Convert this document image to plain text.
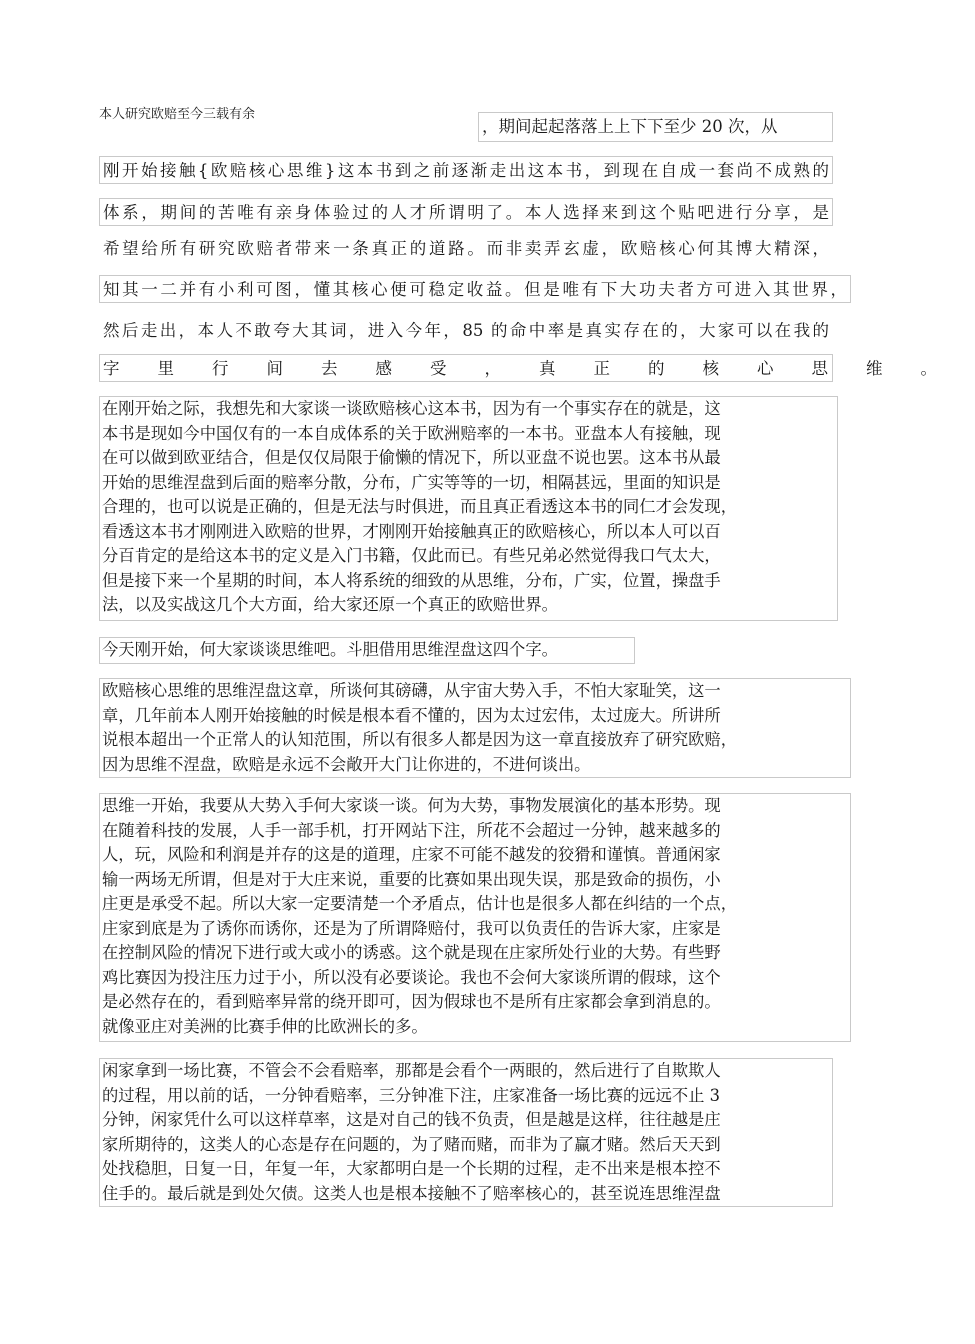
本人研究欧赔至今三载有余
，期间起起落落上上下下至少 20 次，从
刚开始接触{欧赔核心思维}这本书到之前逐渐走出这本书，到现在自成一套尚不成熟的
体系，期间的苦唯有亲身体验过的人才所谓明了。本人选择来到这个贴吧进行分享，是
希望给所有研究欧赔者带来一条真正的道路。而非卖弄玄虚，欧赔核心何其博大精深，
知其一二并有小利可图，懂其核心便可稳定收益。但是唯有下大功夫者方可进入其世界，
然后走出，本人不敢夸大其词，进入今年，85 的命中率是真实存在的，大家可以在我的
字里行间去感受，真正的核心思维。
在刚开始之际，我想先和大家谈一谈欧赔核心这本书，因为有一个事实存在的就是，这
本书是现如今中国仅有的一本自成体系的关于欧洲赔率的一本书。亚盘本人有接触，现
在可以做到欧亚结合，但是仅仅局限于偷懒的情况下，所以亚盘不说也罢。这本书从最
开始的思维涅盘到后面的赔率分散，分布，广实等等的一切，相隔甚远，里面的知识是
合理的，也可以说是正确的，但是无法与时俱进，而且真正看透这本书的同仁才会发现，
看透这本书才刚刚进入欧赔的世界，才刚刚开始接触真正的欧赔核心，所以本人可以百
分百肯定的是给这本书的定义是入门书籍，仅此而已。有些兄弟必然觉得我口气太大，
但是接下来一个星期的时间，本人将系统的细致的从思维，分布，广实，位置，操盘手
法，以及实战这几个大方面，给大家还原一个真正的欧赔世界。
今天刚开始，何大家谈谈思维吧。斗胆借用思维涅盘这四个字。
欧赔核心思维的思维涅盘这章，所谈何其磅礴，从宇宙大势入手，不怕大家耻笑，这一
章，几年前本人刚开始接触的时候是根本看不懂的，因为太过宏伟，太过庞大。所讲所
说根本超出一个正常人的认知范围，所以有很多人都是因为这一章直接放弃了研究欧赔，
因为思维不涅盘，欧赔是永远不会敞开大门让你进的，不进何谈出。
思维一开始，我要从大势入手何大家谈一谈。何为大势，事物发展演化的基本形势。现
在随着科技的发展，人手一部手机，打开网站下注，所花不会超过一分钟，越来越多的
人，玩，风险和利润是并存的这是的道理，庄家不可能不越发的狡猾和谨慎。普通闲家
输一两场无所谓，但是对于大庄来说，重要的比赛如果出现失误，那是致命的损伤，小
庄更是承受不起。所以大家一定要清楚一个矛盾点，估计也是很多人都在纠结的一个点，
庄家到底是为了诱你而诱你，还是为了所谓降赔付，我可以负责任的告诉大家，庄家是
在控制风险的情况下进行或大或小的诱惑。这个就是现在庄家所处行业的大势。有些野
鸡比赛因为投注压力过于小，所以没有必要谈论。我也不会何大家谈所谓的假球，这个
是必然存在的，看到赔率异常的绕开即可，因为假球也不是所有庄家都会拿到消息的。
就像亚庄对美洲的比赛手伸的比欧洲长的多。
闲家拿到一场比赛，不管会不会看赔率，那都是会看个一两眼的，然后进行了自欺欺人
的过程，用以前的话，一分钟看赔率，三分钟准下注，庄家准备一场比赛的远远不止 3
分钟，闲家凭什么可以这样草率，这是对自己的钱不负责，但是越是这样，往往越是庄
家所期待的，这类人的心态是存在问题的，为了赌而赌，而非为了赢才赌。然后天天到
处找稳胆，日复一日，年复一年，大家都明白是一个长期的过程，走不出来是根本控不
住手的。最后就是到处欠债。这类人也是根本接触不了赔率核心的，甚至说连思维涅盘
